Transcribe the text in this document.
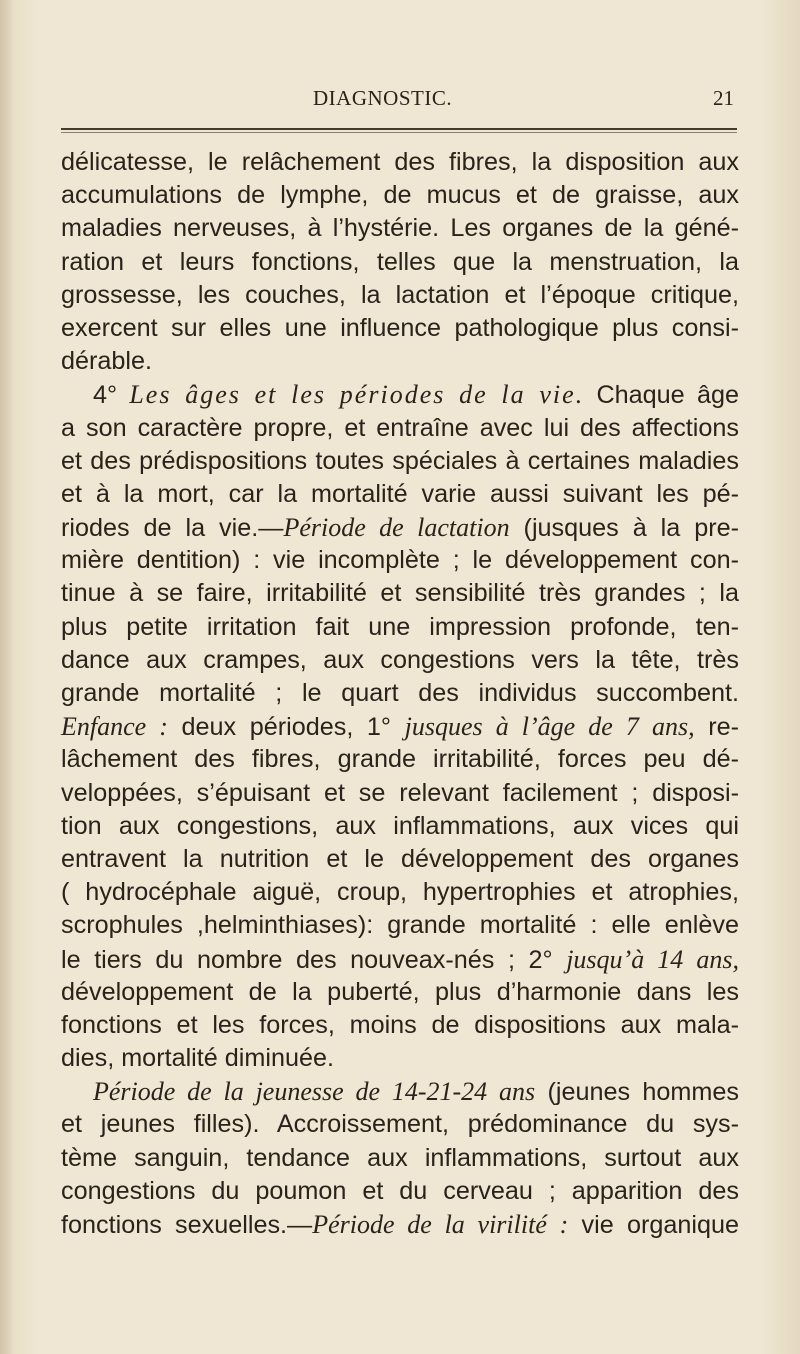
DIAGNOSTIC.	21
délicatesse, le relâchement des fibres, la disposition aux
accumulations de lymphe, de mucus et de graisse, aux
maladies nerveuses, à l’hystérie. Les organes de la géné-
ration et leurs fonctions, telles que la menstruation, la
grossesse, les couches, la lactation et l’époque critique,
exercent sur elles une influence pathologique plus consi-
dérable.
4° Les âges et les périodes de la vie. Chaque âge
a son caractère propre, et entraîne avec lui des affections
et des prédispositions toutes spéciales à certaines maladies
et à la mort, car la mortalité varie aussi suivant les pé-
riodes de la vie.—Période de lactation (jusques à la pre-
mière dentition) : vie incomplète ; le développement con-
tinue à se faire, irritabilité et sensibilité très grandes ; la
plus petite irritation fait une impression profonde, ten-
dance aux crampes, aux congestions vers la tête, très
grande mortalité ; le quart des individus succombent.
Enfance : deux périodes, 1° jusques à l’âge de 7 ans, re-
lâchement des fibres, grande irritabilité, forces peu dé-
veloppées, s’épuisant et se relevant facilement ; disposi-
tion aux congestions, aux inflammations, aux vices qui
entravent la nutrition et le développement des organes
( hydrocéphale aiguë, croup, hypertrophies et atrophies,
scrophules ,helminthiases): grande mortalité : elle enlève
le tiers du nombre des nouveax-nés ; 2° jusqu’à 14 ans,
développement de la puberté, plus d’harmonie dans les
fonctions et les forces, moins de dispositions aux mala-
dies, mortalité diminuée.
Période de la jeunesse de 14-21-24 ans (jeunes hommes
et jeunes filles). Accroissement, prédominance du sys-
tème sanguin, tendance aux inflammations, surtout aux
congestions du poumon et du cerveau ; apparition des
fonctions sexuelles.—Période de la virilité : vie organique
